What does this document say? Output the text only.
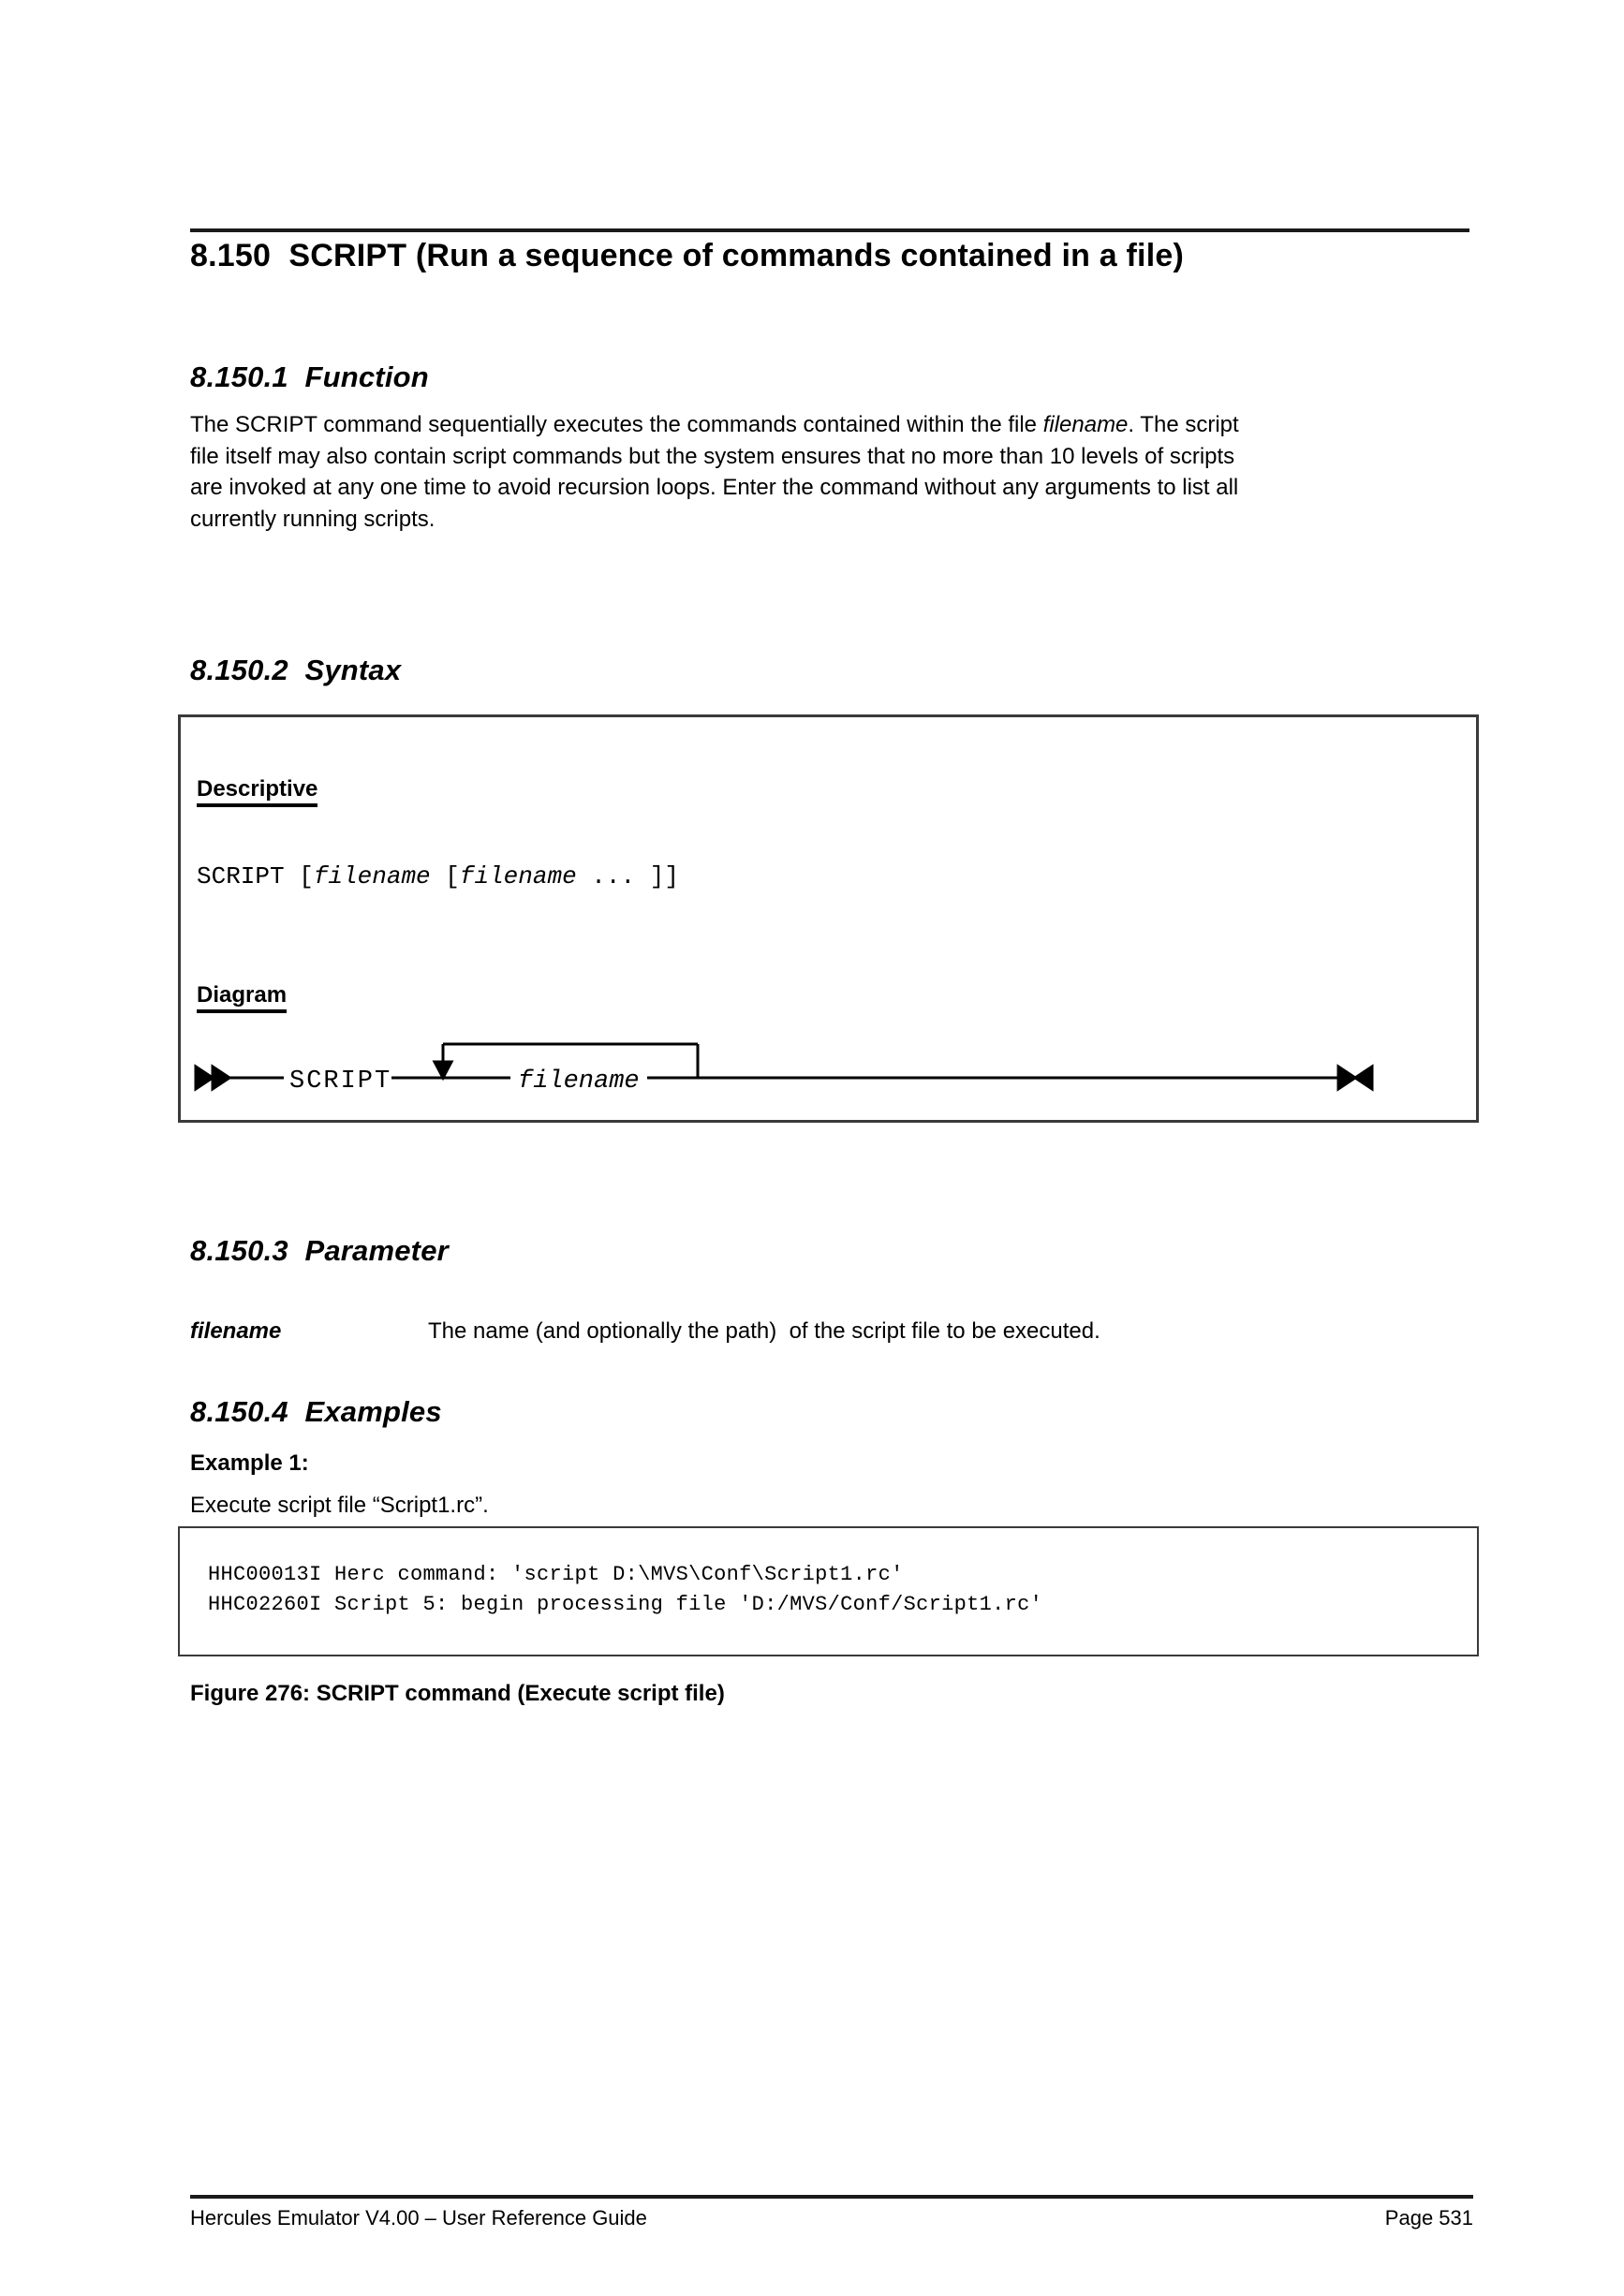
8.150  SCRIPT (Run a sequence of commands contained in a file)
8.150.1  Function
The SCRIPT command sequentially executes the commands contained within the file filename. The script
file itself may also contain script commands but the system ensures that no more than 10 levels of scripts
are invoked at any one time to avoid recursion loops. Enter the command without any arguments to list all
currently running scripts.
8.150.2  Syntax
Descriptive
SCRIPT [filename [filename ... ]]
Diagram
SCRIPT	filename
8.150.3  Parameter
filename	The name (and optionally the path)  of the script file to be executed.
8.150.4  Examples
Example 1:
Execute script file “Script1.rc”.
HHC00013I Herc command: 'script D:\MVS\Conf\Script1.rc'
HHC02260I Script 5: begin processing file 'D:/MVS/Conf/Script1.rc'
Figure 276: SCRIPT command (Execute script file)
Hercules Emulator V4.00 – User Reference Guide	Page 531
